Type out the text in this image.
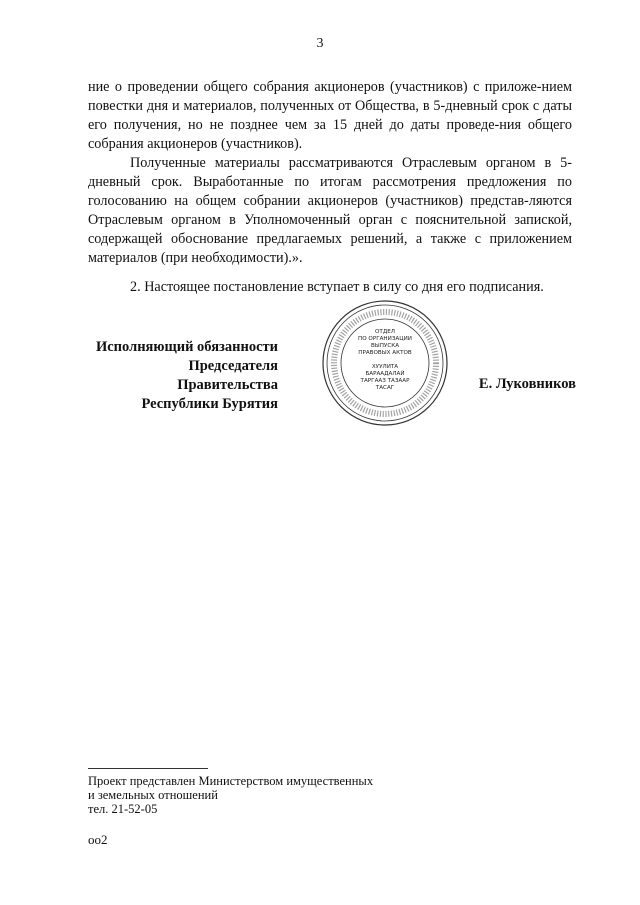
3

ние о проведении общего собрания акционеров (участников) с приложе-нием повестки дня и материалов, полученных от Общества, в 5-дневный срок с даты его получения, но не позднее чем за 15 дней до даты проведе-ния общего собрания акционеров (участников).

Полученные материалы рассматриваются Отраслевым органом в 5-дневный срок. Выработанные по итогам рассмотрения предложения по голосованию на общем собрании акционеров (участников) представ-ляются Отраслевым органом в Уполномоченный орган с пояснительной запиской, содержащей обоснование предлагаемых решений, а также с приложением материалов (при необходимости).».

2. Настоящее постановление вступает в силу со дня его подписания.

Исполняющий обязанности
Председателя Правительства
Республики Бурятия
ОТДЕЛ
ПО ОРГАНИЗАЦИИ
ВЫПУСКА
ПРАВОВЫХ АКТОВ
ХУУЛИТА
БАРААДАЛАЙ
ТАРГААЗ ТАЗААР
ТАСАГ	Е. Луковников
Проект представлен Министерством имущественных
и земельных отношений
тел. 21-52-05
оо2
